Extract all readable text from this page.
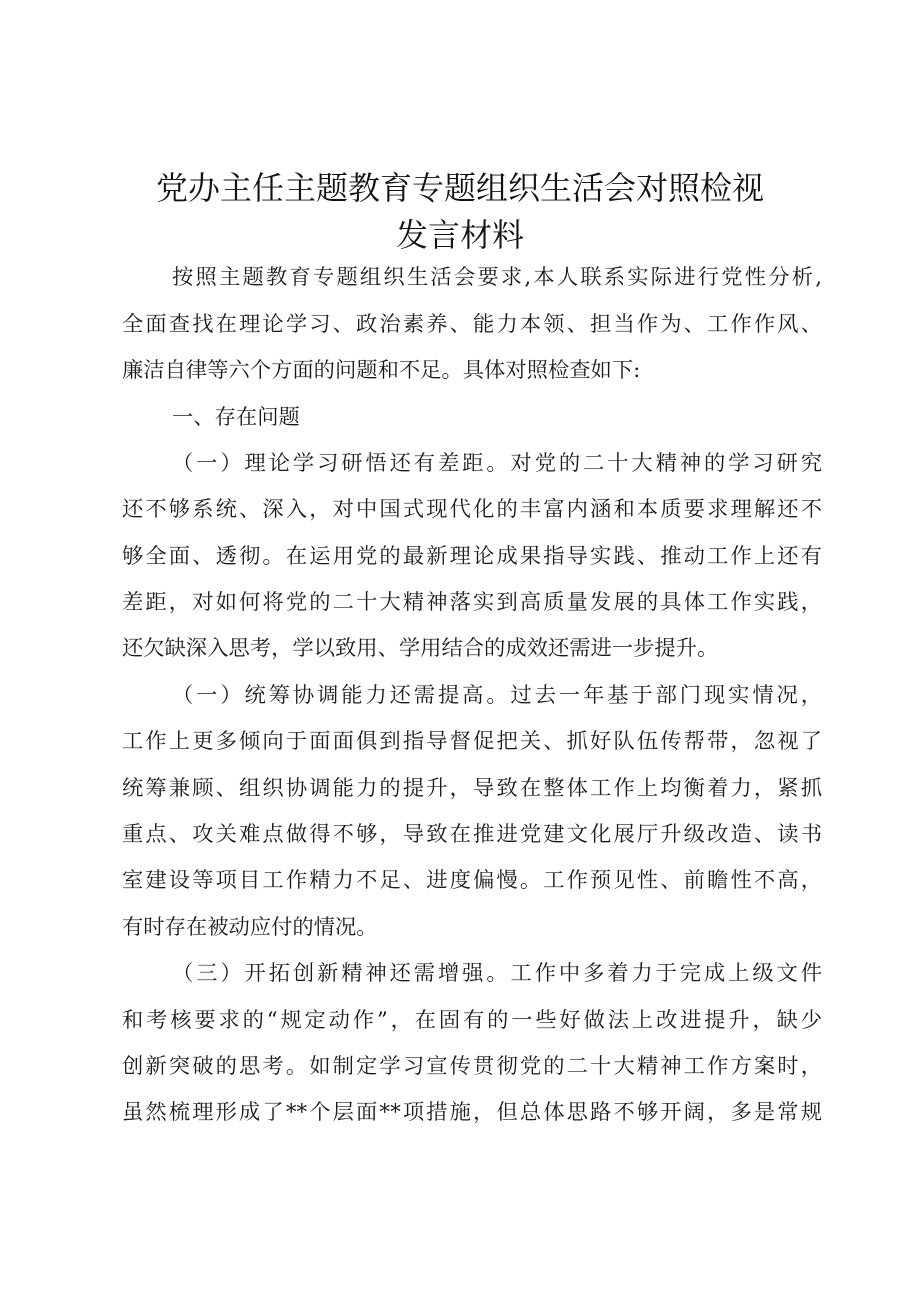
党办主任主题教育专题组织生活会对照检视
发言材料
按照主题教育专题组织生活会要求,本人联系实际进行党性分析,
全面查找在理论学习、政治素养、能力本领、担当作为、工作作风、
廉洁自律等六个方面的问题和不足。具体对照检查如下:
一、存在问题
（一）理论学习研悟还有差距。对党的二十大精神的学习研究
还不够系统、深入，对中国式现代化的丰富内涵和本质要求理解还不
够全面、透彻。在运用党的最新理论成果指导实践、推动工作上还有
差距，对如何将党的二十大精神落实到高质量发展的具体工作实践，
还欠缺深入思考，学以致用、学用结合的成效还需进一步提升。
（一）统筹协调能力还需提高。过去一年基于部门现实情况，
工作上更多倾向于面面俱到指导督促把关、抓好队伍传帮带，忽视了
统筹兼顾、组织协调能力的提升，导致在整体工作上均衡着力，紧抓
重点、攻关难点做得不够，导致在推进党建文化展厅升级改造、读书
室建设等项目工作精力不足、进度偏慢。工作预见性、前瞻性不高，
有时存在被动应付的情况。
（三）开拓创新精神还需增强。工作中多着力于完成上级文件
和考核要求的“规定动作”，在固有的一些好做法上改进提升，缺少
创新突破的思考。如制定学习宣传贯彻党的二十大精神工作方案时，
虽然梳理形成了**个层面**项措施，但总体思路不够开阔，多是常规
